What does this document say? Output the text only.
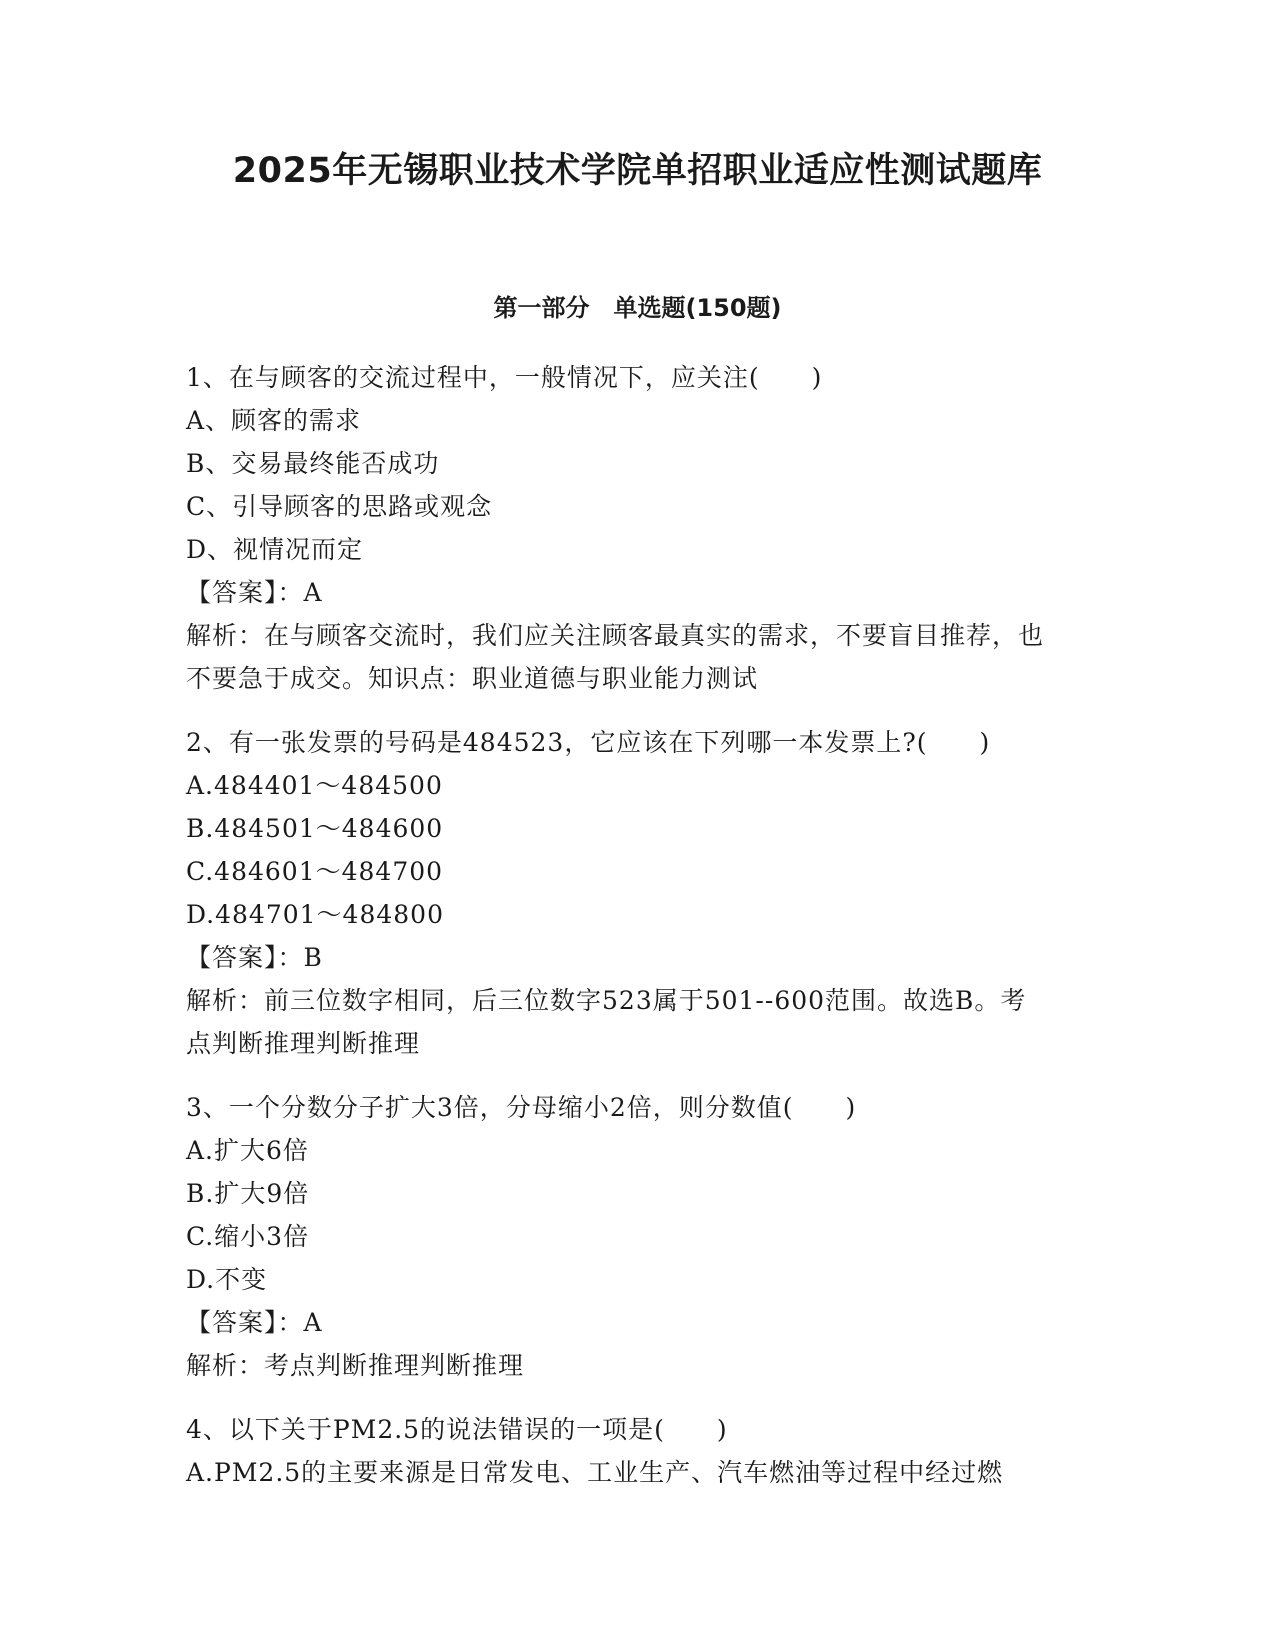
2025年无锡职业技术学院单招职业适应性测试题库
第一部分　单选题(150题)
1、在与顾客的交流过程中，一般情况下，应关注(　　)
A、顾客的需求
B、交易最终能否成功
C、引导顾客的思路或观念
D、视情况而定
【答案】：A
解析：在与顾客交流时，我们应关注顾客最真实的需求，不要盲目推荐，也不要急于成交。知识点：职业道德与职业能力测试
2、有一张发票的号码是484523，它应该在下列哪一本发票上?(　　)
A.484401～484500
B.484501～484600
C.484601～484700
D.484701～484800
【答案】：B
解析：前三位数字相同，后三位数字523属于501--600范围。故选B。考点判断推理判断推理
3、一个分数分子扩大3倍，分母缩小2倍，则分数值(　　)
A.扩大6倍
B.扩大9倍
C.缩小3倍
D.不变
【答案】：A
解析：考点判断推理判断推理
4、以下关于PM2.5的说法错误的一项是(　　)
A.PM2.5的主要来源是日常发电、工业生产、汽车燃油等过程中经过燃
